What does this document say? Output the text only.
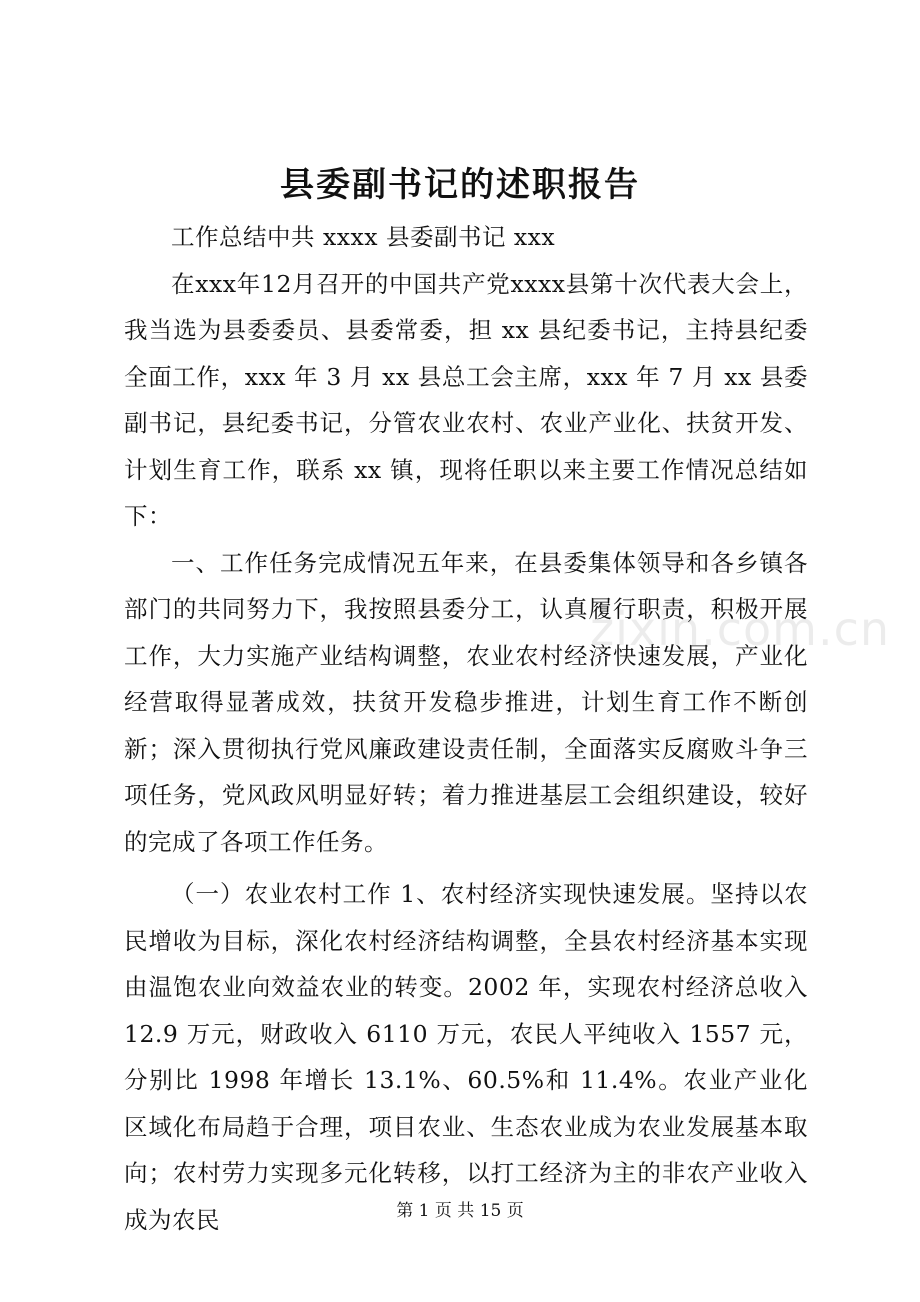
县委副书记的述职报告

工作总结中共 xxxx 县委副书记 xxx

在xxx年12月召开的中国共产党xxxx县第十次代表大会上，我当选为县委委员、县委常委，担 xx 县纪委书记，主持县纪委全面工作，xxx 年 3 月 xx 县总工会主席，xxx 年 7 月 xx 县委副书记，县纪委书记，分管农业农村、农业产业化、扶贫开发、计划生育工作，联系 xx 镇，现将任职以来主要工作情况总结如下：

一、工作任务完成情况五年来，在县委集体领导和各乡镇各部门的共同努力下，我按照县委分工，认真履行职责，积极开展工作，大力实施产业结构调整，农业农村经济快速发展，产业化经营取得显著成效，扶贫开发稳步推进，计划生育工作不断创新；深入贯彻执行党风廉政建设责任制，全面落实反腐败斗争三项任务，党风政风明显好转；着力推进基层工会组织建设，较好的完成了各项工作任务。

（一）农业农村工作 1、农村经济实现快速发展。坚持以农民增收为目标，深化农村经济结构调整，全县农村经济基本实现由温饱农业向效益农业的转变。2002 年，实现农村经济总收入 12.9 万元，财政收入 6110 万元，农民人平纯收入 1557 元，分别比 1998 年增长 13.1%、60.5%和 11.4%。农业产业化区域化布局趋于合理，项目农业、生态农业成为农业发展基本取向；农村劳力实现多元化转移，以打工经济为主的非农产业收入成为农民

zixin.com.cn
第 1 页 共 15 页
